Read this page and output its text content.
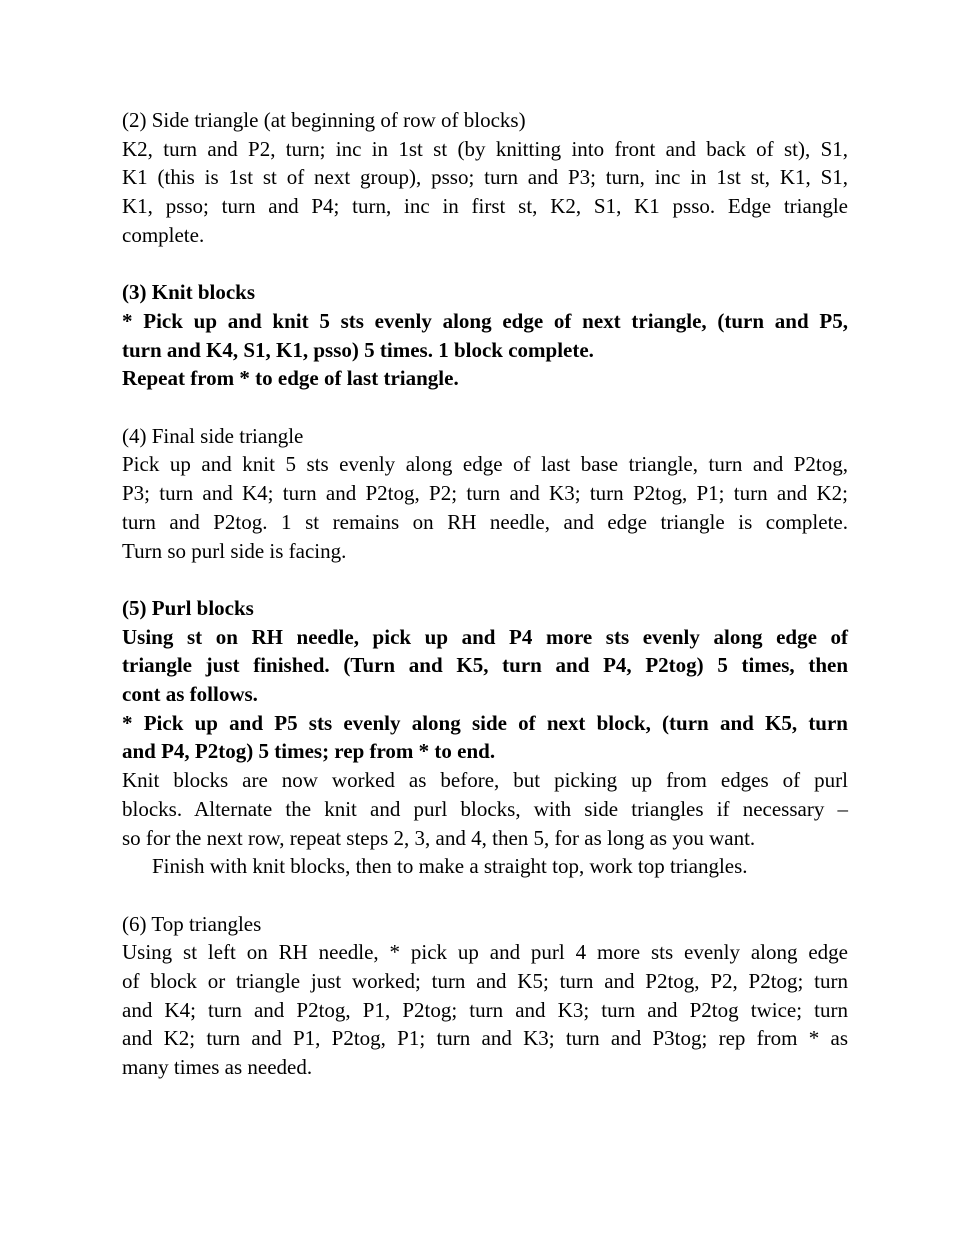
(2) Side triangle (at beginning of row of blocks)
K2, turn and P2, turn; inc in 1st st (by knitting into front and back of st), S1,
K1 (this is 1st st of next group), psso; turn and P3; turn, inc in 1st st, K1, S1,
K1, psso; turn and P4; turn, inc in first st, K2, S1, K1 psso. Edge triangle
complete.
(3) Knit blocks
* Pick up and knit 5 sts evenly along edge of next triangle, (turn and P5,
turn and K4, S1, K1, psso) 5 times. 1 block complete.
Repeat from * to edge of last triangle.
(4) Final side triangle
Pick up and knit 5 sts evenly along edge of last base triangle, turn and P2tog,
P3; turn and K4; turn and P2tog, P2; turn and K3; turn P2tog, P1; turn and K2;
turn and P2tog. 1 st remains on RH needle, and edge triangle is complete.
Turn so purl side is facing.
(5) Purl blocks
Using st on RH needle, pick up and P4 more sts evenly along edge of
triangle just finished. (Turn and K5, turn and P4, P2tog) 5 times, then
cont as follows.
* Pick up and P5 sts evenly along side of next block, (turn and K5, turn
and P4, P2tog) 5 times; rep from * to end.
Knit blocks are now worked as before, but picking up from edges of purl
blocks. Alternate the knit and purl blocks, with side triangles if necessary –
so for the next row, repeat steps 2, 3, and 4, then 5, for as long as you want.
Finish with knit blocks, then to make a straight top, work top triangles.
(6) Top triangles
Using st left on RH needle, * pick up and purl 4 more sts evenly along edge
of block or triangle just worked; turn and K5; turn and P2tog, P2, P2tog; turn
and K4; turn and P2tog, P1, P2tog; turn and K3; turn and P2tog twice; turn
and K2; turn and P1, P2tog, P1; turn and K3; turn and P3tog; rep from * as
many times as needed.
